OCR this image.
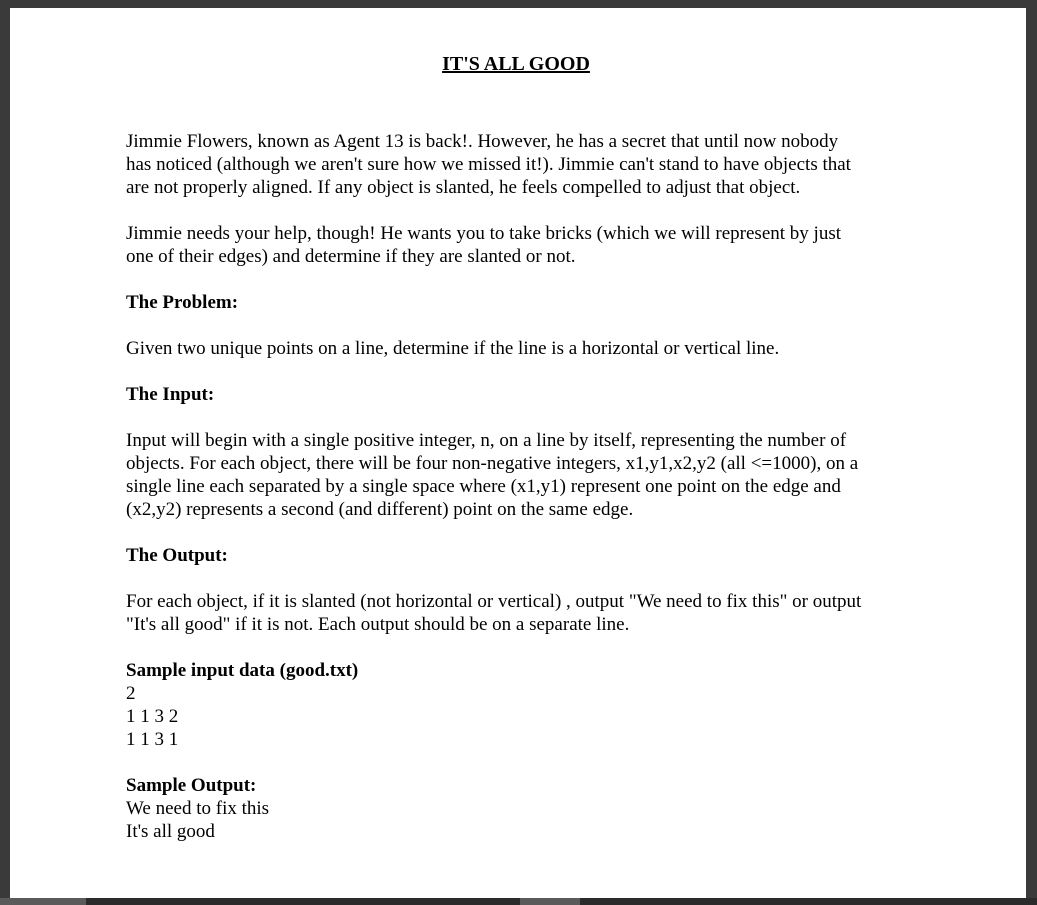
IT'S ALL GOOD

Jimmie Flowers, known as Agent 13 is back!. However, he has a secret that until now nobody
has noticed (although we aren't sure how we missed it!). Jimmie can't stand to have objects that
are not properly aligned. If any object is slanted, he feels compelled to adjust that object.

Jimmie needs your help, though! He wants you to take bricks (which we will represent by just
one of their edges) and determine if they are slanted or not.

The Problem:

Given two unique points on a line, determine if the line is a horizontal or vertical line.

The Input:

Input will begin with a single positive integer, n, on a line by itself, representing the number of
objects. For each object, there will be four non-negative integers, x1,y1,x2,y2 (all <=1000), on a
single line each separated by a single space where (x1,y1) represent one point on the edge and
(x2,y2) represents a second (and different) point on the same edge.

The Output:

For each object, if it is slanted (not horizontal or vertical) , output "We need to fix this" or output
"It's all good" if it is not. Each output should be on a separate line.

Sample input data (good.txt)
2
1 1 3 2
1 1 3 1

Sample Output:
We need to fix this
It's all good
